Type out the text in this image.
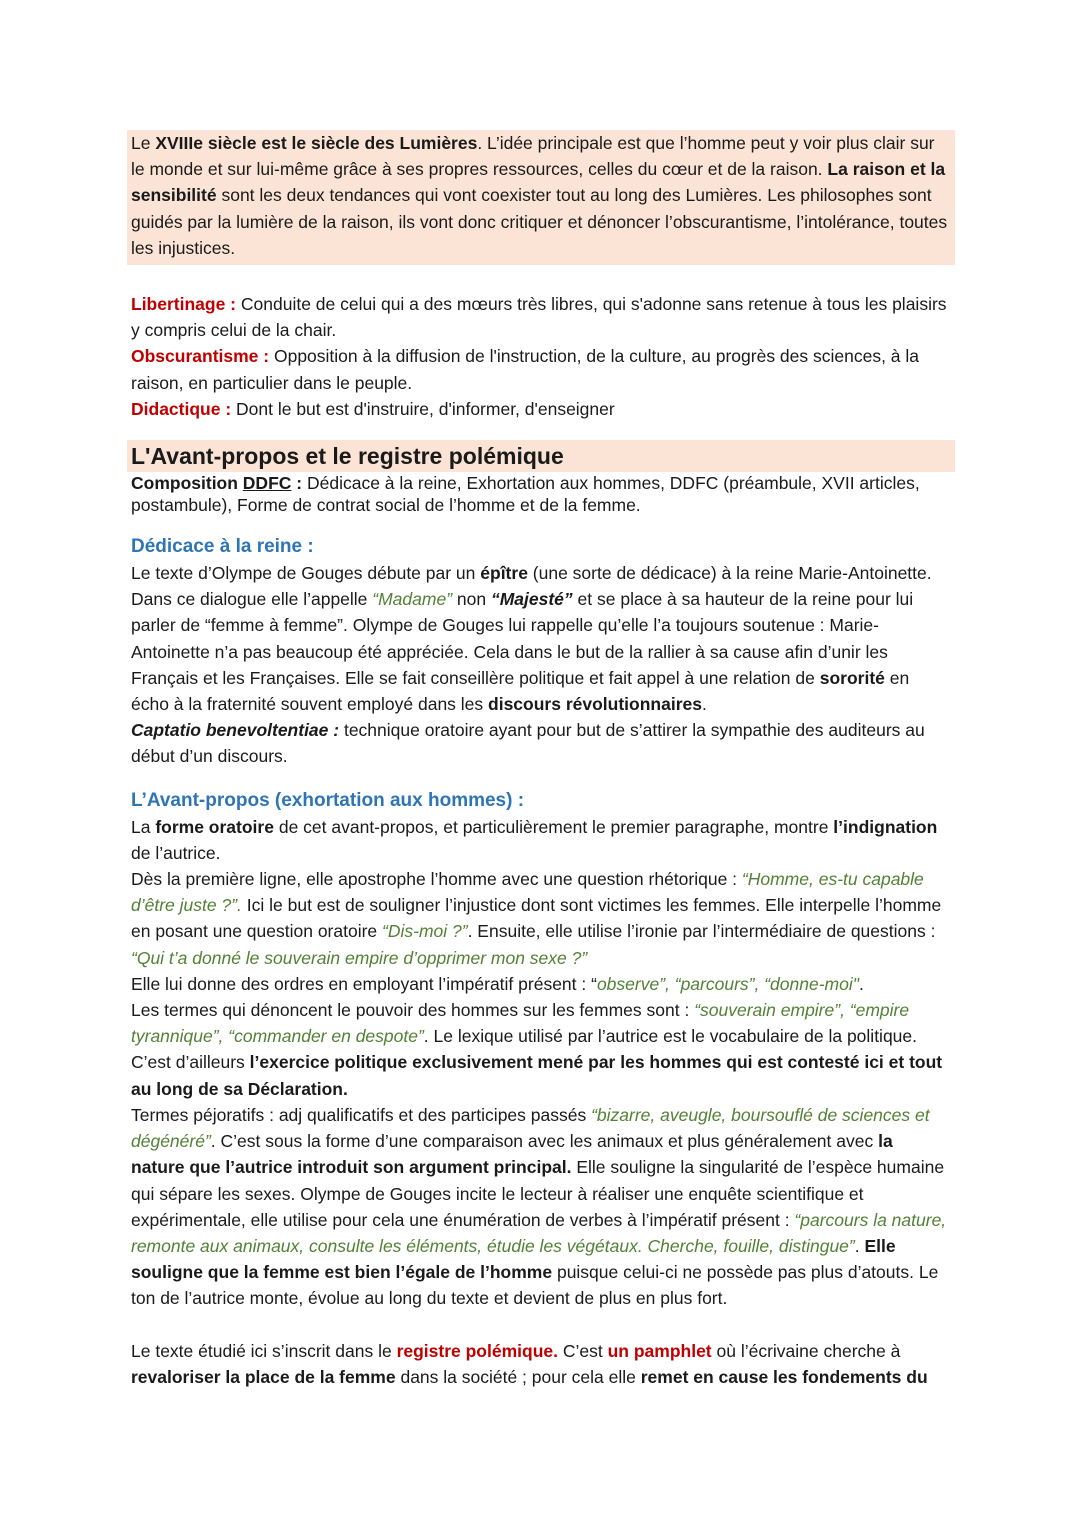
Le XVIIIe siècle est le siècle des Lumières. L’idée principale est que l’homme peut y voir plus clair sur le monde et sur lui-même grâce à ses propres ressources, celles du cœur et de la raison. La raison et la sensibilité sont les deux tendances qui vont coexister tout au long des Lumières. Les philosophes sont guidés par la lumière de la raison, ils vont donc critiquer et dénoncer l’obscurantisme, l’intolérance, toutes les injustices.

Libertinage : Conduite de celui qui a des mœurs très libres, qui s'adonne sans retenue à tous les plaisirs y compris celui de la chair.

Obscurantisme : Opposition à la diffusion de l'instruction, de la culture, au progrès des sciences, à la raison, en particulier dans le peuple.

Didactique : Dont le but est d'instruire, d'informer, d'enseigner

L'Avant-propos et le registre polémique

Composition DDFC : Dédicace à la reine, Exhortation aux hommes, DDFC (préambule, XVII articles, postambule), Forme de contrat social de l’homme et de la femme.

Dédicace à la reine :

Le texte d’Olympe de Gouges débute par un épître (une sorte de dédicace) à la reine Marie-Antoinette. Dans ce dialogue elle l’appelle “Madame” non “Majesté” et se place à sa hauteur de la reine pour lui parler de “femme à femme”. Olympe de Gouges lui rappelle qu’elle l’a toujours soutenue : Marie-Antoinette n’a pas beaucoup été appréciée. Cela dans le but de la rallier à sa cause afin d’unir les Français et les Françaises. Elle se fait conseillère politique et fait appel à une relation de sororité en écho à la fraternité souvent employé dans les discours révolutionnaires.

Captatio benevoltentiae : technique oratoire ayant pour but de s’attirer la sympathie des auditeurs au début d’un discours.

L’Avant-propos (exhortation aux hommes) :

La forme oratoire de cet avant-propos, et particulièrement le premier paragraphe, montre l’indignation de l’autrice.

Dès la première ligne, elle apostrophe l’homme avec une question rhétorique : “Homme, es-tu capable d’être juste ?”. Ici le but est de souligner l’injustice dont sont victimes les femmes. Elle interpelle l’homme en posant une question oratoire “Dis-moi ?”. Ensuite, elle utilise l’ironie par l’intermédiaire de questions : “Qui t’a donné le souverain empire d’opprimer mon sexe ?”

Elle lui donne des ordres en employant l’impératif présent : “observe”, “parcours”, “donne-moi".

Les termes qui dénoncent le pouvoir des hommes sur les femmes sont : “souverain empire”, “empire tyrannique”, “commander en despote”. Le lexique utilisé par l’autrice est le vocabulaire de la politique. C’est d’ailleurs l’exercice politique exclusivement mené par les hommes qui est contesté ici et tout au long de sa Déclaration.

Termes péjoratifs : adj qualificatifs et des participes passés “bizarre, aveugle, boursouflé de sciences et dégénéré”. C’est sous la forme d’une comparaison avec les animaux et plus généralement avec la nature que l’autrice introduit son argument principal. Elle souligne la singularité de l’espèce humaine qui sépare les sexes. Olympe de Gouges incite le lecteur à réaliser une enquête scientifique et expérimentale, elle utilise pour cela une énumération de verbes à l’impératif présent : “parcours la nature, remonte aux animaux, consulte les éléments, étudie les végétaux. Cherche, fouille, distingue”. Elle souligne que la femme est bien l’égale de l’homme puisque celui-ci ne possède pas plus d’atouts. Le ton de l’autrice monte, évolue au long du texte et devient de plus en plus fort.

Le texte étudié ici s’inscrit dans le registre polémique. C’est un pamphlet où l’écrivaine cherche à revaloriser la place de la femme dans la société ; pour cela elle remet en cause les fondements du
